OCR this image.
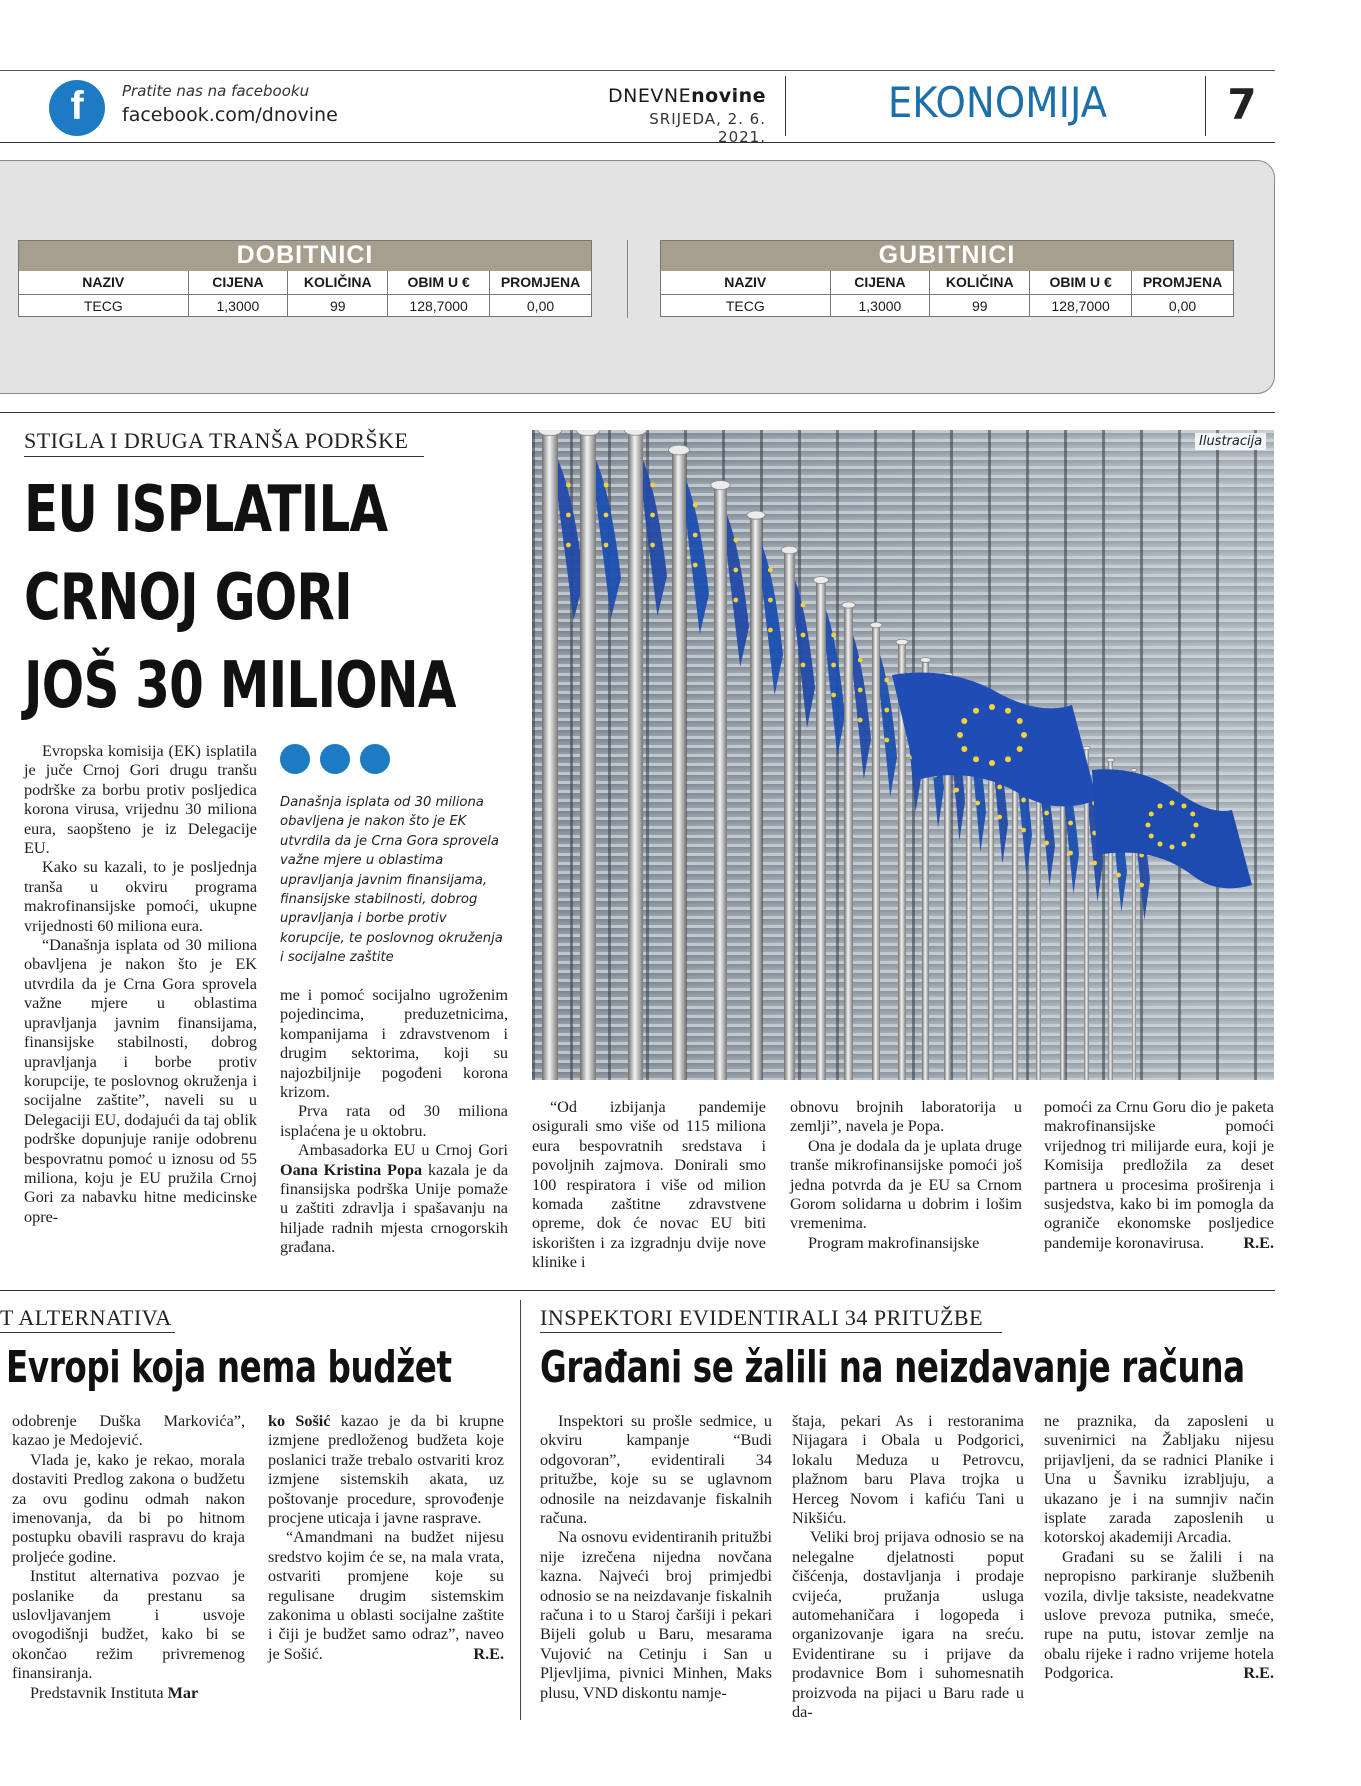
f	Pratite nas na facebooku
facebook.com/dnovine
DNEVNEnovine
SRIJEDA, 2. 6. 2021.
EKONOMIJA	7
DOBITNICI				
NAZIV	CIJENA	KOLIČINA	OBIM U €	PROMJENA
TECG	1,3000	99	128,7000	0,00
GUBITNICI				
NAZIV	CIJENA	KOLIČINA	OBIM U €	PROMJENA
TECG	1,3000	99	128,7000	0,00
STIGLA I DRUGA TRANŠA PODRŠKE
EU ISPLATILA
CRNOJ GORI
JOŠ 30 MILIONA

Evropska komisija (EK) isplatila je juče Crnoj Gori drugu tranšu podrške za borbu protiv posljedica korona virusa, vrijednu 30 miliona eura, saopšteno je iz Delegacije EU.

Kako su kazali, to je posljednja tranša u okviru programa makrofinansijske pomoći, ukupne vrijednosti 60 miliona eura.

“Današnja isplata od 30 miliona obavljena je nakon što je EK utvrdila da je Crna Gora sprovela važne mjere u oblastima upravljanja javnim finansijama, finansijske stabilnosti, dobrog upravljanja i borbe protiv korupcije, te poslovnog okruženja i socijalne zaštite”, naveli su u Delegaciji EU, dodajući da taj oblik podrške dopunjuje ranije odobrenu bespovratnu pomoć u iznosu od 55 miliona, koju je EU pružila Crnoj Gori za nabavku hitne medicinske opre-

Današnja isplata od 30 miliona obavljena je nakon što je EK utvrdila da je Crna Gora sprovela važne mjere u oblastima upravljanja javnim finansijama, finansijske stabilnosti, dobrog upravljanja i borbe protiv korupcije, te poslovnog okruženja i socijalne zaštite

me i pomoć socijalno ugroženim pojedincima, preduzetnicima, kompanijama i zdravstvenom i drugim sektorima, koji su najozbiljnije pogođeni korona krizom.

Prva rata od 30 miliona isplaćena je u oktobru.

Ambasadorka EU u Crnoj Gori Oana Kristina Popa kazala je da finansijska podrška Unije pomaže u zaštiti zdravlja i spašavanju na hiljade radnih mjesta crnogorskih građana.

Ilustracija

“Od izbijanja pandemije osigurali smo više od 115 miliona eura bespovratnih sredstava i povoljnih zajmova. Donirali smo 100 respiratora i više od milion komada zaštitne zdravstvene opreme, dok će novac EU biti iskorišten i za izgradnju dvije nove klinike i

obnovu brojnih laboratorija u zemlji”, navela je Popa.

Ona je dodala da je uplata druge tranše mikrofinansijske pomoći još jedna potvrda da je EU sa Crnom Gorom solidarna u dobrim i lošim vremenima.

Program makrofinansijske

pomoći za Crnu Goru dio je paketa makrofinansijske pomoći vrijednog tri milijarde eura, koji je Komisija predložila za deset partnera u procesima proširenja i susjedstva, kako bi im pomogla da ograniče ekonomske posljedice pandemije koronavirusa. R.E.

T ALTERNATIVA
Evropi koja nema budžet

odobrenje Duška Markovića”, kazao je Medojević.

Vlada je, kako je rekao, morala dostaviti Predlog zakona o budžetu za ovu godinu odmah nakon imenovanja, da bi po hitnom postupku obavili raspravu do kraja proljeće godine.

Institut alternativa pozvao je poslanike da prestanu sa uslovljavanjem i usvoje ovogodišnji budžet, kako bi se okončao režim privremenog finansiranja.

Predstavnik Instituta Mar

ko Sošić kazao je da bi krupne izmjene predloženog budžeta koje poslanici traže trebalo ostvariti kroz izmjene sistemskih akata, uz poštovanje procedure, sprovođenje procjene uticaja i javne rasprave.

“Amandmani na budžet nijesu sredstvo kojim će se, na mala vrata, ostvariti promjene koje su regulisane drugim sistemskim zakonima u oblasti socijalne zaštite i čiji je budžet samo odraz”, naveo je Sošić.	R.E.

INSPEKTORI EVIDENTIRALI 34 PRITUŽBE
Građani se žalili na neizdavanje računa

Inspektori su prošle sedmice, u okviru kampanje “Budi odgovoran”, evidentirali 34 pritužbe, koje su se uglavnom odnosile na neizdavanje fiskalnih računa.

Na osnovu evidentiranih pritužbi nije izrečena nijedna novčana kazna. Najveći broj primjedbi odnosio se na neizdavanje fiskalnih računa i to u Staroj čaršiji i pekari Bijeli golub u Baru, mesarama Vujović na Cetinju i San u Pljevljima, pivnici Minhen, Maks plusu, VND diskontu namje-

štaja, pekari As i restoranima Nijagara i Obala u Podgorici, lokalu Meduza u Petrovcu, plažnom baru Plava trojka u Herceg Novom i kafiću Tani u Nikšiću.

Veliki broj prijava odnosio se na nelegalne djelatnosti poput čišćenja, dostavljanja i prodaje cvijeća, pružanja usluga automehaničara i logopeda i organizovanje igara na sreću. Evidentirane su i prijave da prodavnice Bom i suhomesnatih proizvoda na pijaci u Baru rade u da-

ne praznika, da zaposleni u suvenirnici na Žabljaku nijesu prijavljeni, da se radnici Planike i Una u Šavniku izrabljuju, a ukazano je i na sumnjiv način isplate zarada zaposlenih u kotorskoj akademiji Arcadia.

Građani su se žalili i na nepropisno parkiranje službenih vozila, divlje taksiste, neadekvatne uslove prevoza putnika, smeće, rupe na putu, istovar zemlje na obalu rijeke i radno vrijeme hotela Podgorica.	R.E.
